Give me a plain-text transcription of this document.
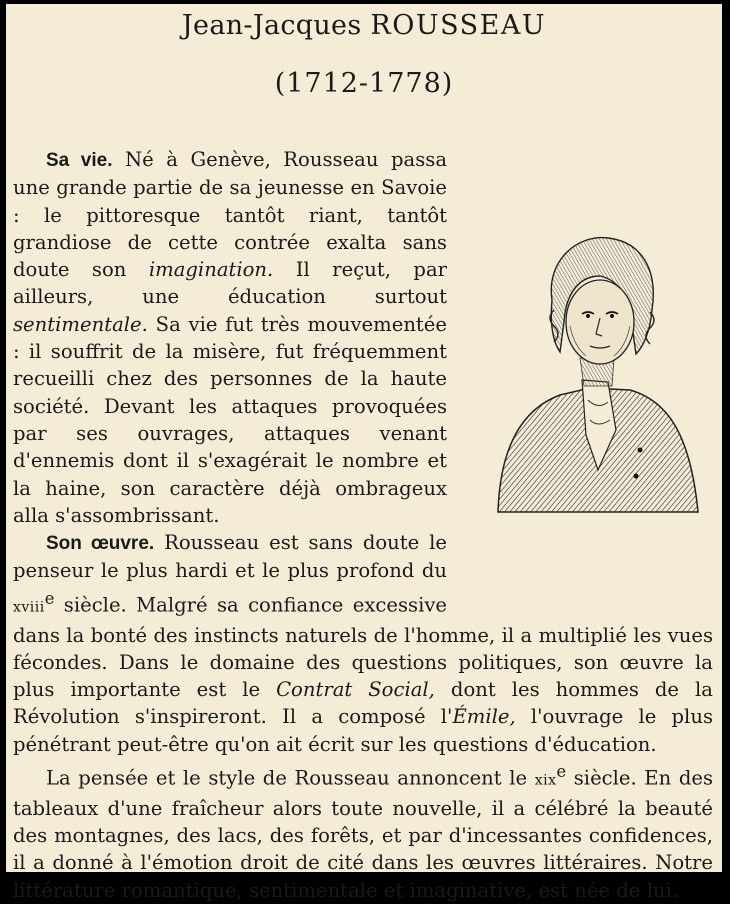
Jean-Jacques ROUSSEAU
(1712-1778)

Sa vie. Né à Genève, Rousseau passa une grande partie de sa jeunesse en Savoie : le pittoresque tantôt riant, tantôt grandiose de cette contrée exalta sans doute son imagination. Il reçut, par ailleurs, une éducation surtout sentimentale. Sa vie fut très mouvementée : il souffrit de la misère, fut fréquemment recueilli chez des personnes de la haute société. Devant les attaques provoquées par ses ouvrages, attaques venant d'ennemis dont il s'exagérait le nombre et la haine, son caractère déjà ombrageux alla s'assombrissant.

Son œuvre. Rousseau est sans doute le penseur le plus hardi et le plus profond du xviii$^e$ siècle. Malgré sa confiance excessive dans la bonté des instincts naturels de l'homme, il a multiplié les vues fécondes. Dans le domaine des questions politiques, son œuvre la plus importante est le Contrat Social, dont les hommes de la Révolution s'inspireront. Il a composé l'Émile, l'ouvrage le plus pénétrant peut-être qu'on ait écrit sur les questions d'éducation.

La pensée et le style de Rousseau annoncent le xix$^e$ siècle. En des tableaux d'une fraîcheur alors toute nouvelle, il a célébré la beauté des montagnes, des lacs, des forêts, et par d'incessantes confidences, il a donné à l'émotion droit de cité dans les œuvres littéraires. Notre littérature romantique, sentimentale et imaginative, est née de lui.
